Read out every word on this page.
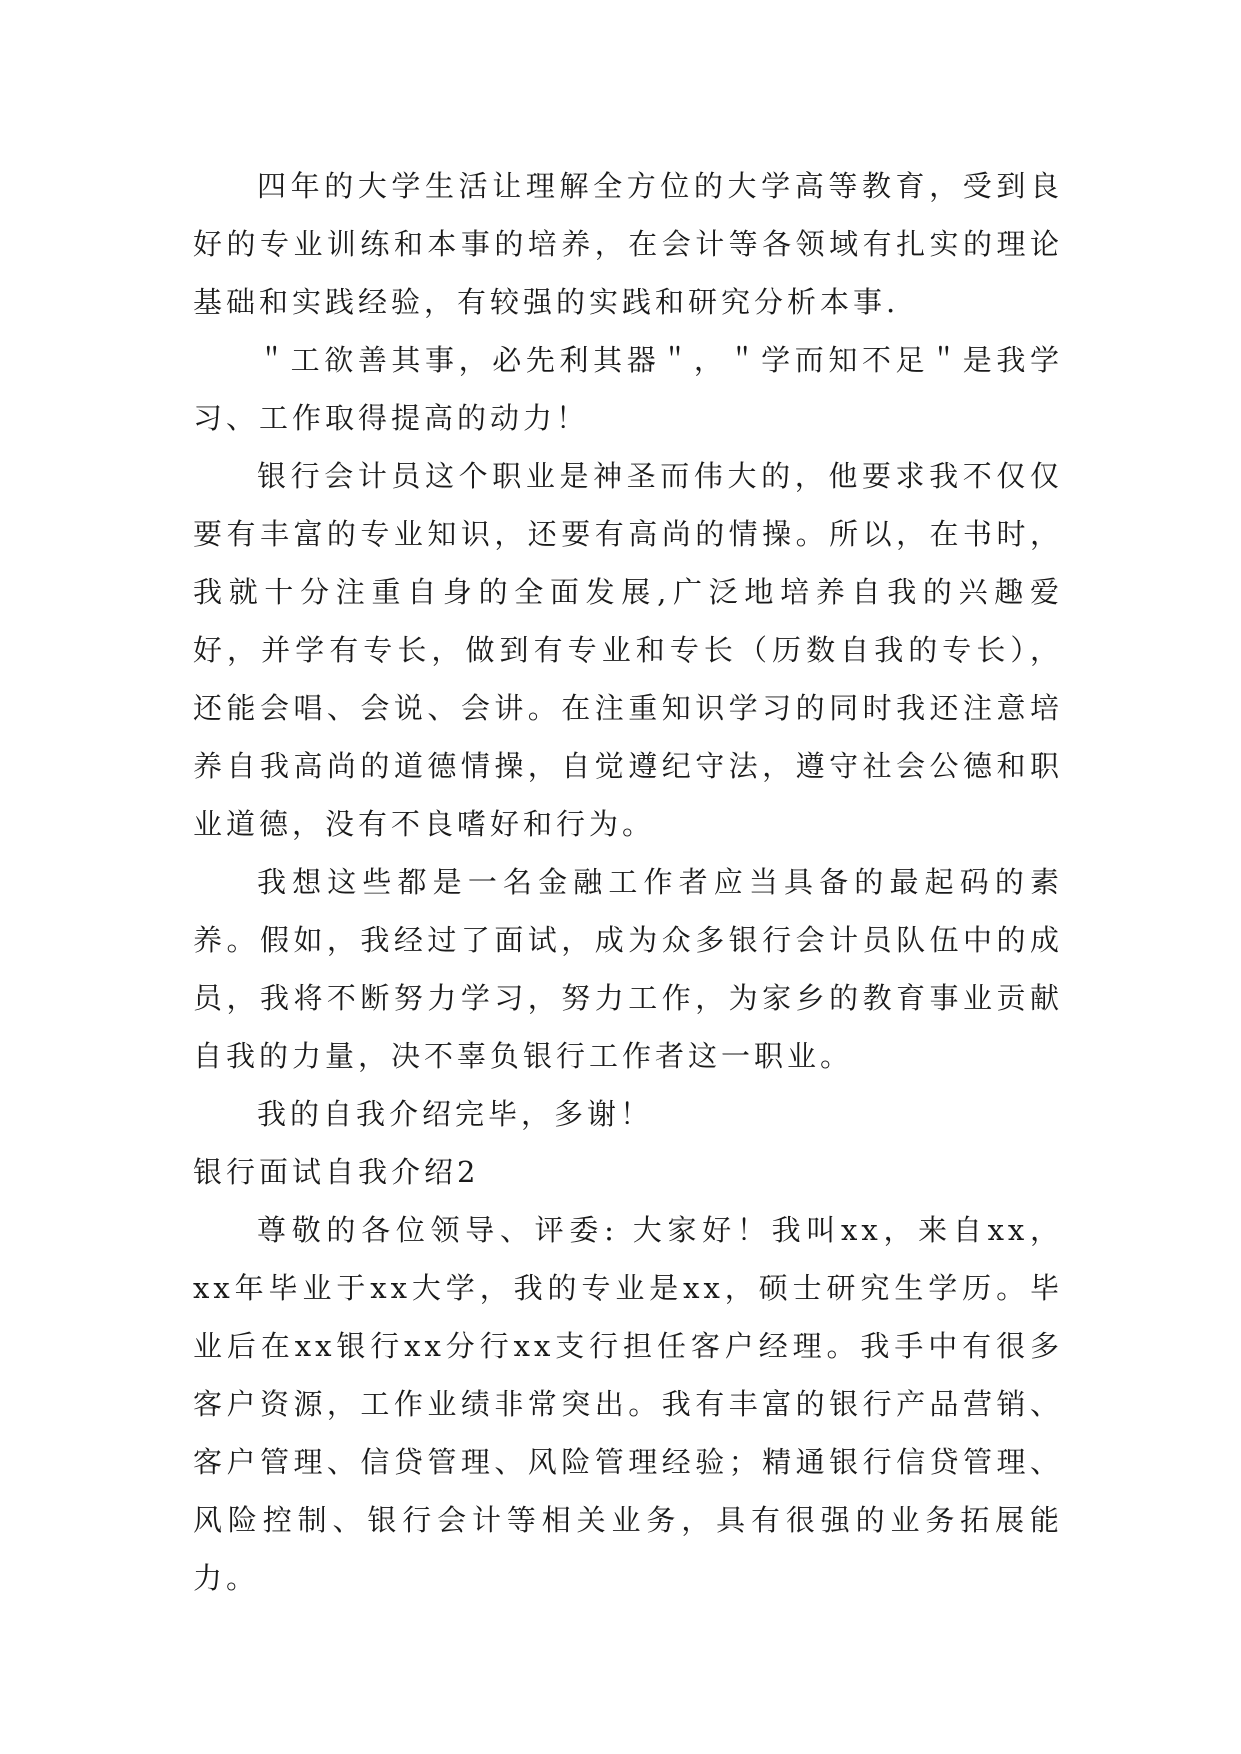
四年的大学生活让理解全方位的大学高等教育，受到良好的专业训练和本事的培养，在会计等各领域有扎实的理论基础和实践经验，有较强的实践和研究分析本事.

＂工欲善其事，必先利其器＂，＂学而知不足＂是我学习、工作取得提高的动力！

银行会计员这个职业是神圣而伟大的，他要求我不仅仅要有丰富的专业知识，还要有高尚的情操。所以，在书时，我就十分注重自身的全面发展,广泛地培养自我的兴趣爱好，并学有专长，做到有专业和专长（历数自我的专长），还能会唱、会说、会讲。在注重知识学习的同时我还注意培养自我高尚的道德情操，自觉遵纪守法，遵守社会公德和职业道德，没有不良嗜好和行为。

我想这些都是一名金融工作者应当具备的最起码的素养。假如，我经过了面试，成为众多银行会计员队伍中的成员，我将不断努力学习，努力工作，为家乡的教育事业贡献自我的力量，决不辜负银行工作者这一职业。

我的自我介绍完毕，多谢！

银行面试自我介绍2

尊敬的各位领导、评委: 大家好！我叫xx，来自xx，xx年毕业于xx大学，我的专业是xx，硕士研究生学历。毕业后在xx银行xx分行xx支行担任客户经理。我手中有很多客户资源，工作业绩非常突出。我有丰富的银行产品营销、客户管理、信贷管理、风险管理经验；精通银行信贷管理、风险控制、银行会计等相关业务，具有很强的业务拓展能力。
